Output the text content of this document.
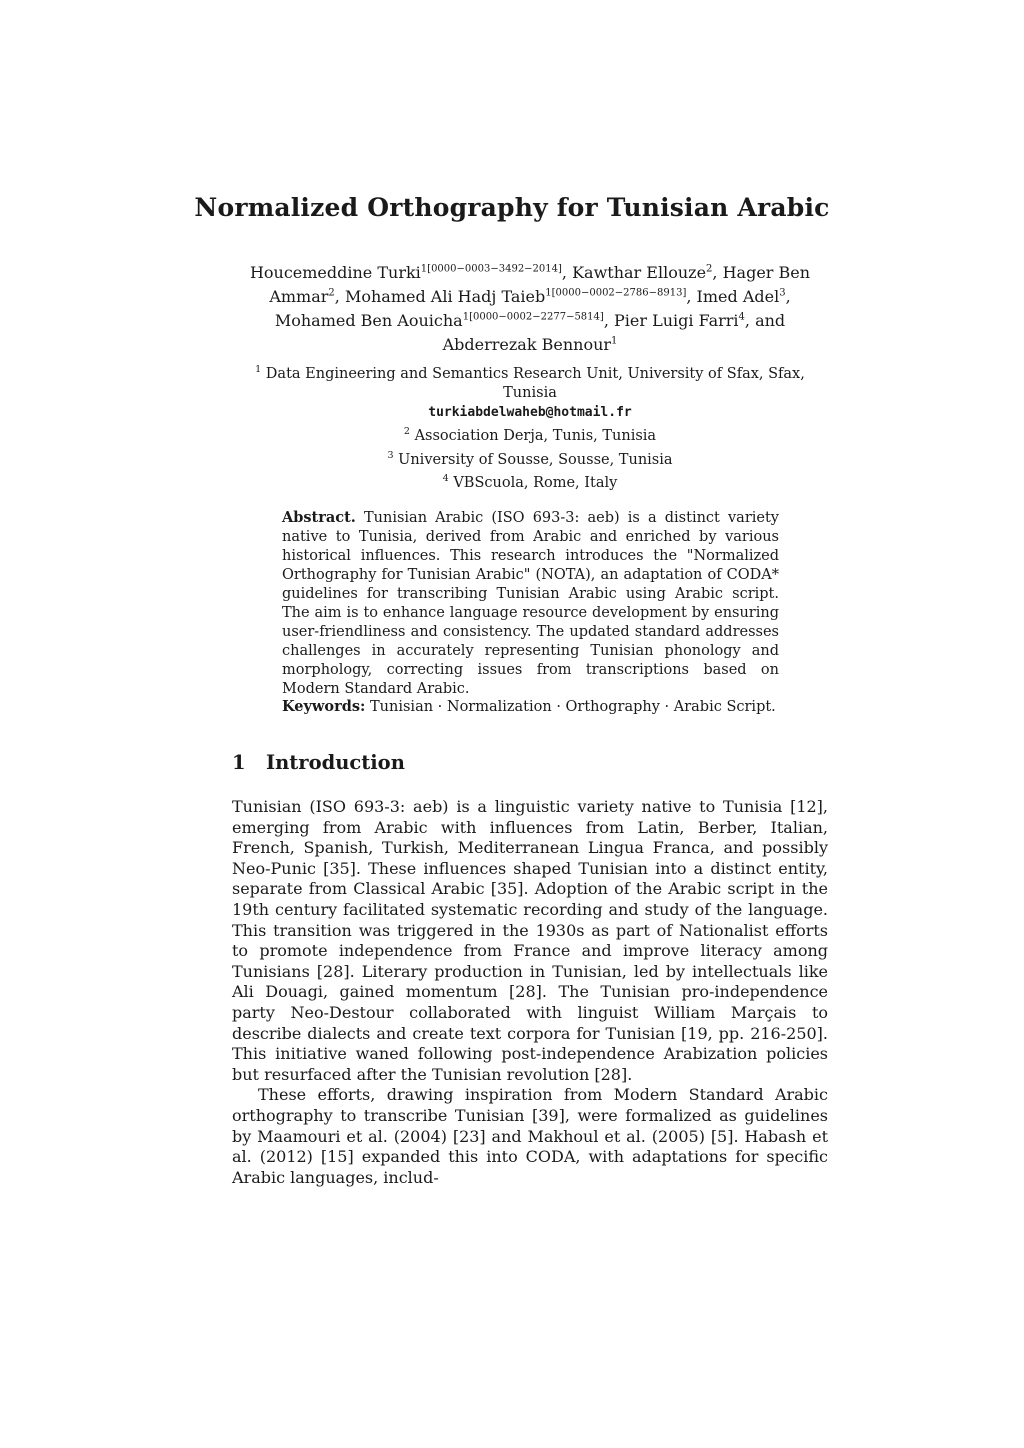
Normalized Orthography for Tunisian Arabic
Houcemeddine Turki$^{1[0000-0003-3492-2014]}$, Kawthar Ellouze$^2$, Hager Ben Ammar$^2$, Mohamed Ali Hadj Taieb$^{1[0000-0002-2786-8913]}$, Imed Adel$^3$, Mohamed Ben Aouicha$^{1[0000-0002-2277-5814]}$, Pier Luigi Farri$^4$, and Abderrezak Bennour$^1$
$^1$ Data Engineering and Semantics Research Unit, University of Sfax, Sfax, Tunisia
turkiabdelwaheb@hotmail.fr
$^2$ Association Derja, Tunis, Tunisia
$^3$ University of Sousse, Sousse, Tunisia
$^4$ VBScuola, Rome, Italy
Abstract. Tunisian Arabic (ISO 693-3: aeb) is a distinct variety native to Tunisia, derived from Arabic and enriched by various historical influences. This research introduces the "Normalized Orthography for Tunisian Arabic" (NOTA), an adaptation of CODA* guidelines for transcribing Tunisian Arabic using Arabic script. The aim is to enhance language resource development by ensuring user-friendliness and consistency. The updated standard addresses challenges in accurately representing Tunisian phonology and morphology, correcting issues from transcriptions based on Modern Standard Arabic.
Keywords: Tunisian · Normalization · Orthography · Arabic Script.
1 Introduction

Tunisian (ISO 693-3: aeb) is a linguistic variety native to Tunisia [12], emerging from Arabic with influences from Latin, Berber, Italian, French, Spanish, Turkish, Mediterranean Lingua Franca, and possibly Neo-Punic [35]. These influences shaped Tunisian into a distinct entity, separate from Classical Arabic [35]. Adoption of the Arabic script in the 19th century facilitated systematic recording and study of the language. This transition was triggered in the 1930s as part of Nationalist efforts to promote independence from France and improve literacy among Tunisians [28]. Literary production in Tunisian, led by intellectuals like Ali Douagi, gained momentum [28]. The Tunisian pro-independence party Neo-Destour collaborated with linguist William Marçais to describe dialects and create text corpora for Tunisian [19, pp. 216-250]. This initiative waned following post-independence Arabization policies but resurfaced after the Tunisian revolution [28].

These efforts, drawing inspiration from Modern Standard Arabic orthography to transcribe Tunisian [39], were formalized as guidelines by Maamouri et al. (2004) [23] and Makhoul et al. (2005) [5]. Habash et al. (2012) [15] expanded this into CODA, with adaptations for specific Arabic languages, includ-
